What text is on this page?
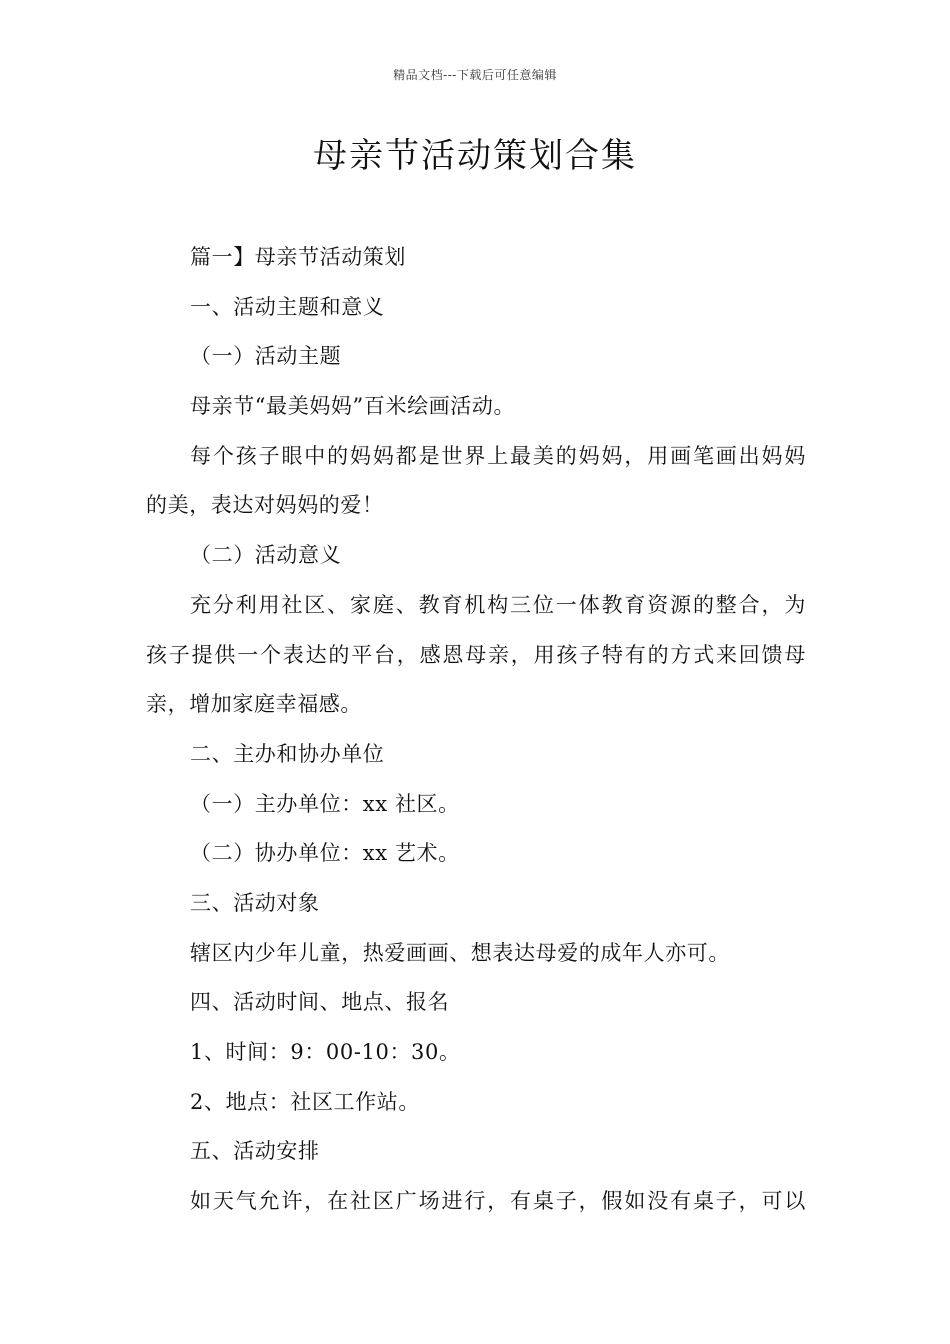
精品文档---下载后可任意编辑
母亲节活动策划合集
篇一】母亲节活动策划
一、活动主题和意义
（一）活动主题
母亲节“最美妈妈”百米绘画活动。
每个孩子眼中的妈妈都是世界上最美的妈妈，用画笔画出妈妈
的美，表达对妈妈的爱！
（二）活动意义
充分利用社区、家庭、教育机构三位一体教育资源的整合，为
孩子提供一个表达的平台，感恩母亲，用孩子特有的方式来回馈母
亲，增加家庭幸福感。
二、主办和协办单位
（一）主办单位：xx 社区。
（二）协办单位：xx 艺术。
三、活动对象
辖区内少年儿童，热爱画画、想表达母爱的成年人亦可。
四、活动时间、地点、报名
1、时间：9：00-10：30。
2、地点：社区工作站。
五、活动安排
如天气允许，在社区广场进行，有桌子，假如没有桌子，可以
